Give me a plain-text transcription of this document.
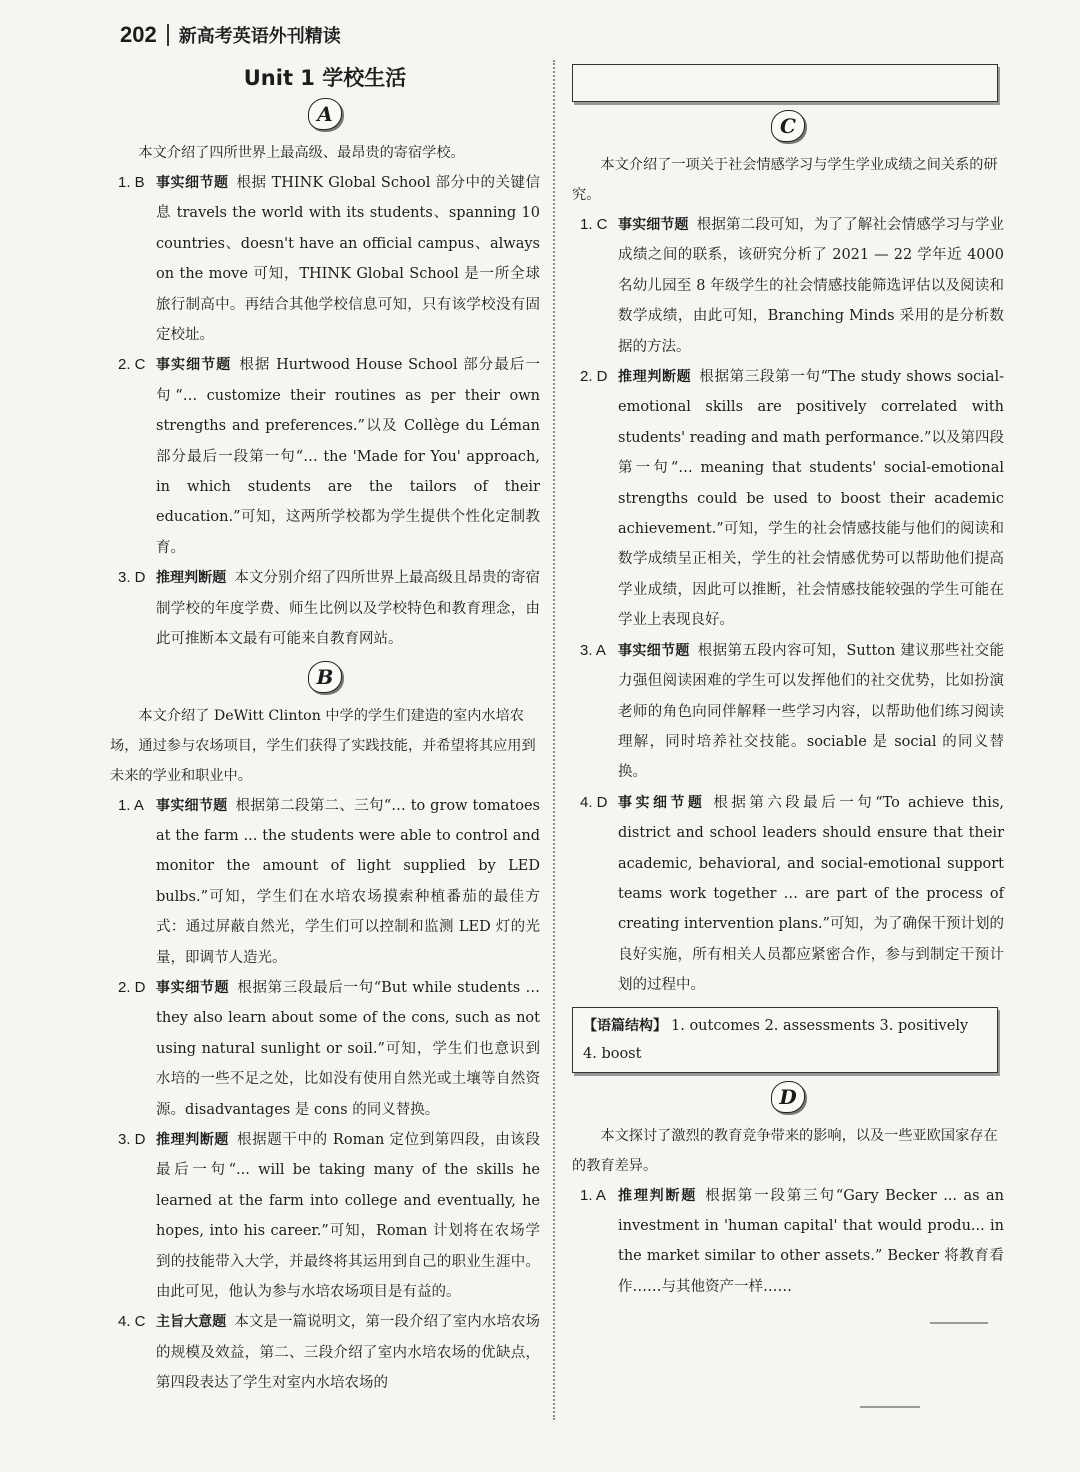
202 新高考英语外刊精读
Unit 1 学校生活
A

本文介绍了四所世界上最高级、最昂贵的寄宿学校。

1. B 事实细节题 根据 THINK Global School 部分中的关键信息 travels the world with its students、spanning 10 countries、doesn't have an official campus、always on the move 可知，THINK Global School 是一所全球旅行制高中。再结合其他学校信息可知，只有该学校没有固定校址。
2. C 事实细节题 根据 Hurtwood House School 部分最后一句“… customize their routines as per their own strengths and preferences.”以及 Collège du Léman 部分最后一段第一句“… the 'Made for You' approach, in which students are the tailors of their education.”可知，这两所学校都为学生提供个性化定制教育。
3. D 推理判断题 本文分别介绍了四所世界上最高级且昂贵的寄宿制学校的年度学费、师生比例以及学校特色和教育理念，由此可推断本文最有可能来自教育网站。
B

本文介绍了 DeWitt Clinton 中学的学生们建造的室内水培农场，通过参与农场项目，学生们获得了实践技能，并希望将其应用到未来的学业和职业中。

1. A 事实细节题 根据第二段第二、三句“… to grow tomatoes at the farm ... the students were able to control and monitor the amount of light supplied by LED bulbs.”可知，学生们在水培农场摸索种植番茄的最佳方式：通过屏蔽自然光，学生们可以控制和监测 LED 灯的光量，即调节人造光。
2. D 事实细节题 根据第三段最后一句“But while students … they also learn about some of the cons, such as not using natural sunlight or soil.”可知，学生们也意识到水培的一些不足之处，比如没有使用自然光或土壤等自然资源。disadvantages 是 cons 的同义替换。
3. D 推理判断题 根据题干中的 Roman 定位到第四段，由该段最后一句“... will be taking many of the skills he learned at the farm into college and eventually, he hopes, into his career.”可知，Roman 计划将在农场学到的技能带入大学，并最终将其运用到自己的职业生涯中。由此可见，他认为参与水培农场项目是有益的。
4. C 主旨大意题 本文是一篇说明文，第一段介绍了室内水培农场的规模及效益，第二、三段介绍了室内水培农场的优缺点，第四段表达了学生对室内水培农场的
C

本文介绍了一项关于社会情感学习与学生学业成绩之间关系的研究。

1. C 事实细节题 根据第二段可知，为了了解社会情感学习与学业成绩之间的联系，该研究分析了 2021 — 22 学年近 4000 名幼儿园至 8 年级学生的社会情感技能筛选评估以及阅读和数学成绩，由此可知，Branching Minds 采用的是分析数据的方法。
2. D 推理判断题 根据第三段第一句“The study shows social-emotional skills are positively correlated with students' reading and math performance.”以及第四段第一句“… meaning that students' social-emotional strengths could be used to boost their academic achievement.”可知，学生的社会情感技能与他们的阅读和数学成绩呈正相关，学生的社会情感优势可以帮助他们提高学业成绩，因此可以推断，社会情感技能较强的学生可能在学业上表现良好。
3. A 事实细节题 根据第五段内容可知，Sutton 建议那些社交能力强但阅读困难的学生可以发挥他们的社交优势，比如扮演老师的角色向同伴解释一些学习内容，以帮助他们练习阅读理解，同时培养社交技能。sociable 是 social 的同义替换。
4. D 事实细节题 根据第六段最后一句“To achieve this, district and school leaders should ensure that their academic, behavioral, and social-emotional support teams work together … are part of the process of creating intervention plans.”可知，为了确保干预计划的良好实施，所有相关人员都应紧密合作，参与到制定干预计划的过程中。
【语篇结构】 1. outcomes 2. assessments 3. positively
4. boost
D

本文探讨了激烈的教育竞争带来的影响，以及一些亚欧国家存在的教育差异。

1. A 推理判断题 根据第一段第三句“Gary Becker ... as an investment in 'human capital' that would produ... in the market similar to other assets.” Becker 将教育看作……与其他资产一样……
